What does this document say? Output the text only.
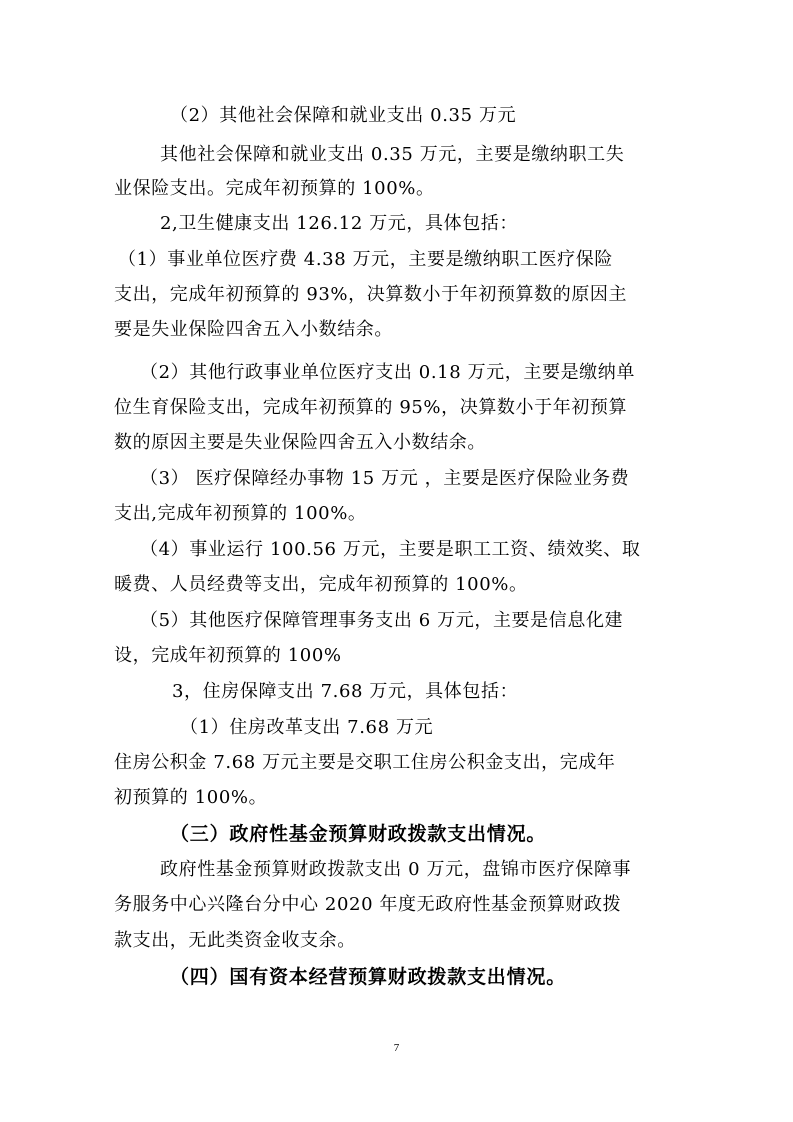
（2）其他社会保障和就业支出 0.35 万元
其他社会保障和就业支出 0.35 万元，主要是缴纳职工失
业保险支出。完成年初预算的 100%。
2,卫生健康支出 126.12 万元，具体包括：
（1）事业单位医疗费 4.38 万元，主要是缴纳职工医疗保险
支出，完成年初预算的 93%，决算数小于年初预算数的原因主
要是失业保险四舍五入小数结余。
（2）其他行政事业单位医疗支出 0.18 万元，主要是缴纳单
位生育保险支出，完成年初预算的 95%，决算数小于年初预算
数的原因主要是失业保险四舍五入小数结余。
（3） 医疗保障经办事物 15 万元 ，主要是医疗保险业务费
支出,完成年初预算的 100%。
（4）事业运行 100.56 万元，主要是职工工资、绩效奖、取
暖费、人员经费等支出，完成年初预算的 100%。
（5）其他医疗保障管理事务支出 6 万元，主要是信息化建
设，完成年初预算的 100%
3，住房保障支出 7.68 万元，具体包括：
（1）住房改革支出 7.68 万元
住房公积金 7.68 万元主要是交职工住房公积金支出，完成年
初预算的 100%。
（三）政府性基金预算财政拨款支出情况。
政府性基金预算财政拨款支出 0 万元，盘锦市医疗保障事
务服务中心兴隆台分中心 2020 年度无政府性基金预算财政拨
款支出，无此类资金收支余。
（四）国有资本经营预算财政拨款支出情况。
7
